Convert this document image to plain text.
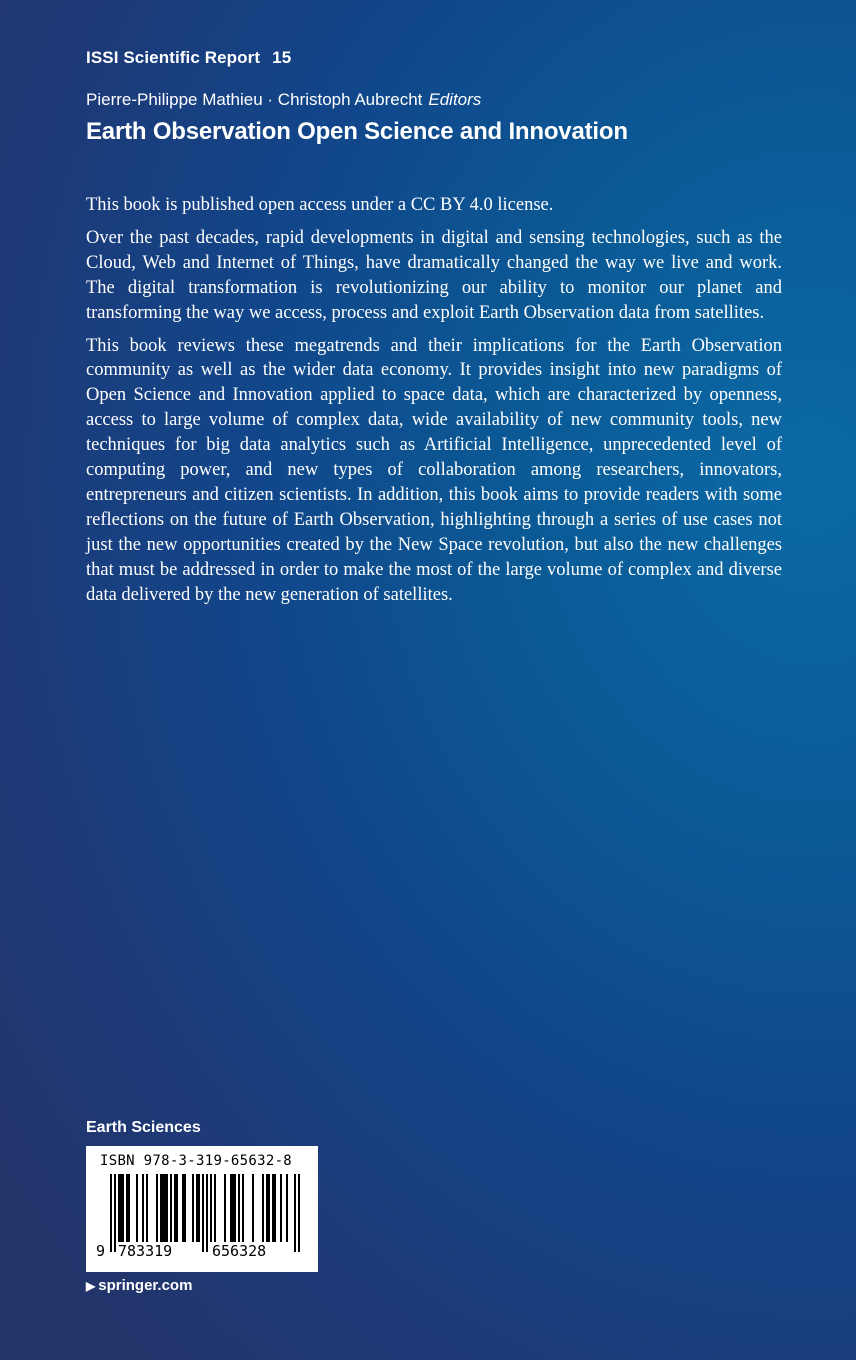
ISSI Scientific Report 15
Pierre-Philippe Mathieu · Christoph Aubrecht Editors
Earth Observation Open Science and Innovation

This book is published open access under a CC BY 4.0 license.

Over the past decades, rapid developments in digital and sensing technologies, such as the Cloud, Web and Internet of Things, have dramatically changed the way we live and work. The digital transformation is revolutionizing our ability to monitor our planet and transforming the way we access, process and exploit Earth Observation data from satellites.

This book reviews these megatrends and their implications for the Earth Observation community as well as the wider data economy. It provides insight into new paradigms of Open Science and Innovation applied to space data, which are characterized by openness, access to large volume of complex data, wide availability of new community tools, new techniques for big data analytics such as Artificial Intelligence, unprecedented level of computing power, and new types of collaboration among researchers, innovators, entrepreneurs and citizen scientists. In addition, this book aims to provide readers with some reflections on the future of Earth Observation, highlighting through a series of use cases not just the new opportunities created by the New Space revolution, but also the new challenges that must be addressed in order to make the most of the large volume of complex and diverse data delivered by the new generation of satellites.

Earth Sciences
ISBN 978-3-319-65632-8
9 783319	656328
▶ springer.com
